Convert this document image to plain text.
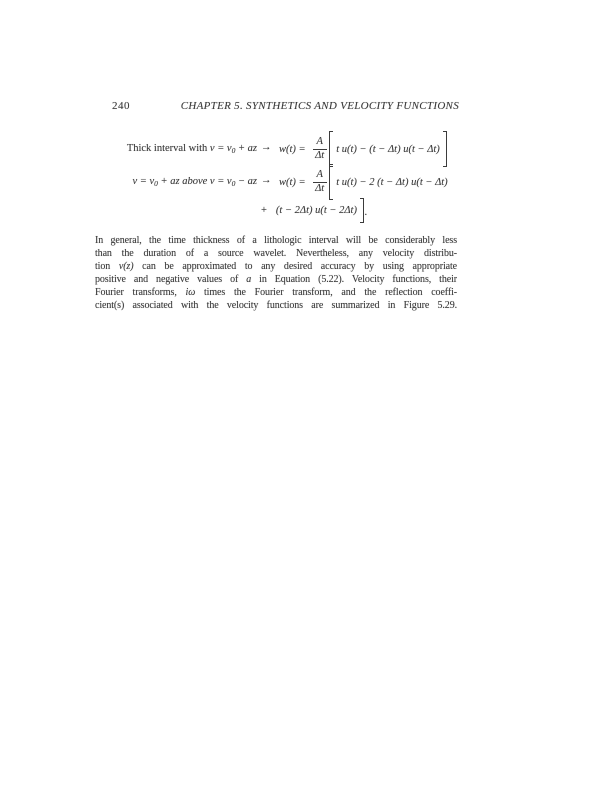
240	CHAPTER 5. SYNTHETICS AND VELOCITY FUNCTIONS
Thick interval with $v = v_0$ + az → $w(t) = \frac{A}{\Delta t}$ t u(t) − (t − Δt) u(t − Δt)
$v = v_0$ + az above $v = v_0$ − az → $w(t) = \frac{A}{\Delta t}$ t u(t) − 2 (t − Δt) u(t − Δt)
+ (t − 2Δt) u(t − 2Δt) .
In general, the time thickness of a lithologic interval will be considerably less
than the duration of a source wavelet. Nevertheless, any velocity distribu-
tion v(z) can be approximated to any desired accuracy by using appropriate
positive and negative values of a in Equation (5.22). Velocity functions, their
Fourier transforms, iω times the Fourier transform, and the reflection coeffi-
cient(s) associated with the velocity functions are summarized in Figure 5.29.
